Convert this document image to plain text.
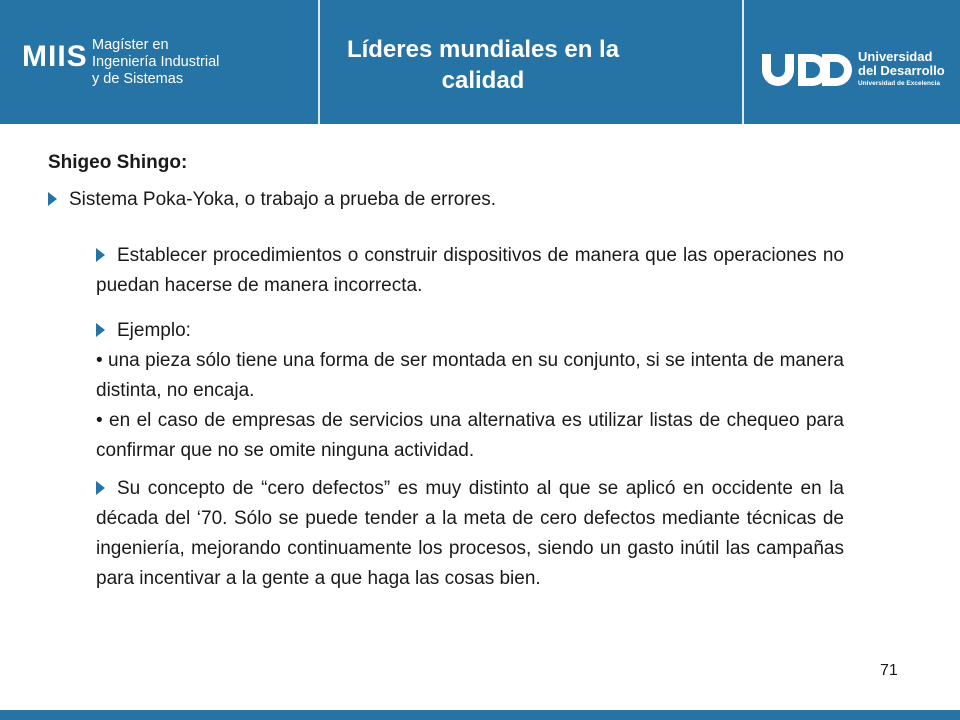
MIIS Magíster en
Ingeniería Industrial
y de Sistemas
Líderes mundiales en la
calidad
Universidad
del Desarrollo
Universidad de Excelencia
Shigeo Shingo:
Sistema Poka-Yoka, o trabajo a prueba de errores.
Establecer procedimientos o construir dispositivos de manera que las operaciones no puedan hacerse de manera incorrecta.
Ejemplo:
• una pieza sólo tiene una forma de ser montada en su conjunto, si se intenta de manera distinta, no encaja.
• en el caso de empresas de servicios una alternativa es utilizar listas de chequeo para confirmar que no se omite ninguna actividad.
Su concepto de “cero defectos” es muy distinto al que se aplicó en occidente en la década del ‘70. Sólo se puede tender a la meta de cero defectos mediante técnicas de ingeniería, mejorando continuamente los procesos, siendo un gasto inútil las campañas para incentivar a la gente a que haga las cosas bien.
71
